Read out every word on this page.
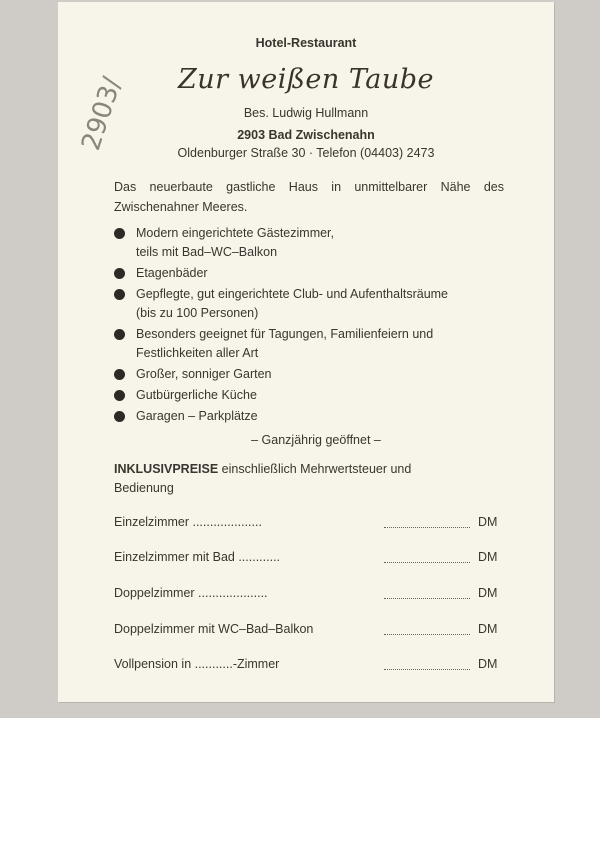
2903/
Hotel-Restaurant
Zur weißen Taube
Bes. Ludwig Hullmann
2903 Bad Zwischenahn
Oldenburger Straße 30 · Telefon (04403) 2473
Das neuerbaute gastliche Haus in unmittelbarer Nähe des Zwischenahner Meeres.
Modern eingerichtete Gästezimmer,
teils mit Bad–WC–Balkon
Etagenbäder
Gepflegte, gut eingerichtete Club- und Aufenthaltsräume
(bis zu 100 Personen)
Besonders geeignet für Tagungen, Familienfeiern und
Festlichkeiten aller Art
Großer, sonniger Garten
Gutbürgerliche Küche
Garagen – Parkplätze
– Ganzjährig geöffnet –
INKLUSIVPREISE einschließlich Mehrwertsteuer und Bedienung
Einzelzimmer ....................	DM
Einzelzimmer mit Bad ............	DM
Doppelzimmer ....................	DM
Doppelzimmer mit WC–Bad–Balkon	DM
Vollpension in ...........-Zimmer	DM
